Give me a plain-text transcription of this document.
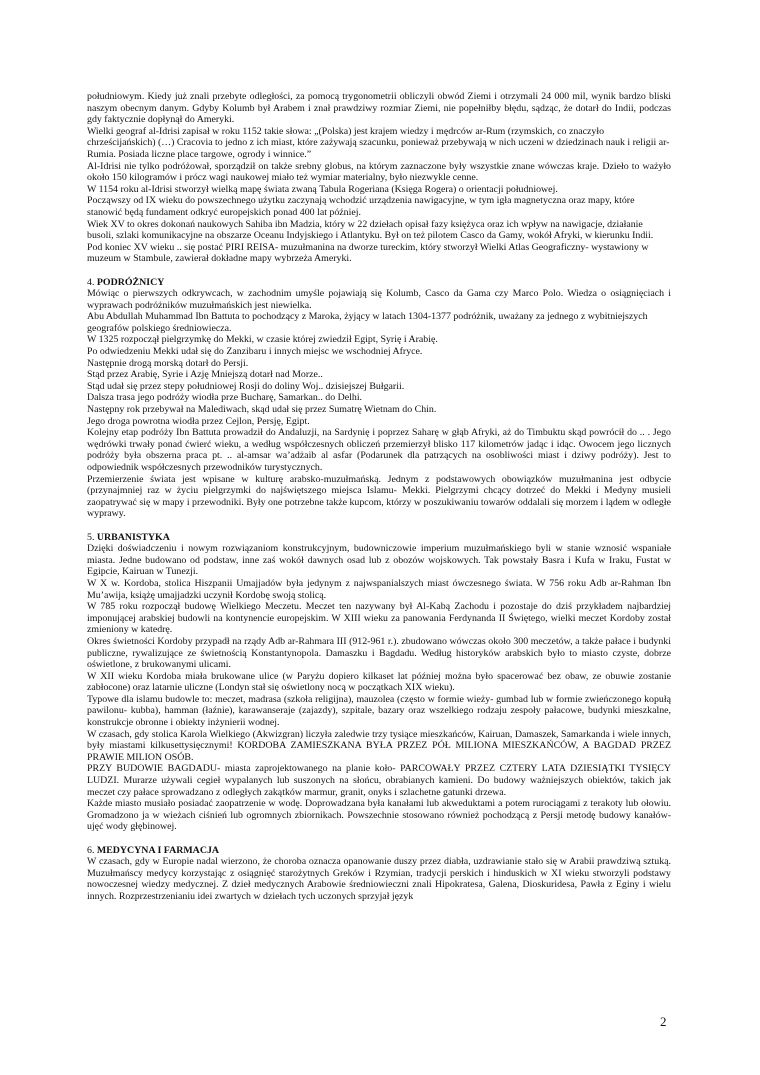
południowym. Kiedy już znali przebyte odległości, za pomocą trygonometrii obliczyli obwód Ziemi i otrzymali 24 000 mil, wynik bardzo bliski naszym obecnym danym. Gdyby Kolumb był Arabem i znał prawdziwy rozmiar Ziemi, nie popełniłby błędu, sądząc, że dotarł do Indii, podczas gdy faktycznie dopłynął do Ameryki.

Wielki geograf al-Idrisi zapisał w roku 1152 takie słowa: „(Polska) jest krajem wiedzy i mędrców ar-Rum (rzymskich, co znaczyło chrześcijańskich) (…) Cracovia to jedno z ich miast, które zażywają szacunku, ponieważ przebywają w nich uczeni w dziedzinach nauk i religii ar-Rumia. Posiada liczne place targowe, ogrody i winnice.”

Al-Idrisi nie tylko podróżował, sporządził on także srebny globus, na którym zaznaczone były wszystkie znane wówczas kraje. Dzieło to ważyło około 150 kilogramów i prócz wagi naukowej miało też wymiar materialny, było niezwykle cenne.

W 1154 roku al-Idrisi stworzył wielką mapę świata zwaną Tabula Rogeriana (Księga Rogera) o orientacji południowej.

Począwszy od IX wieku do powszechnego użytku zaczynają wchodzić urządzenia nawigacyjne, w tym igła magnetyczna oraz mapy, które stanowić będą fundament odkryć europejskich ponad 400 lat później.

Wiek XV to okres dokonań naukowych Sahiba ibn Madzia, który w 22 dziełach opisał fazy księżyca oraz ich wpływ na nawigacje, działanie busoli, szlaki komunikacyjne na obszarze Oceanu Indyjskiego i Atlantyku. Był on też pilotem Casco da Gamy, wokół Afryki, w kierunku Indii.

Pod koniec XV wieku .. się postać PIRI REISA- muzułmanina na dworze tureckim, który stworzył Wielki Atlas Geograficzny- wystawiony w muzeum w Stambule, zawierał dokładne mapy wybrzeża Ameryki.

4. PODRÓŻNICY

Mówiąc o pierwszych odkrywcach, w zachodnim umyśle pojawiają się Kolumb, Casco da Gama czy Marco Polo. Wiedza o osiągnięciach i wyprawach podróżników muzułmańskich jest niewielka.

Abu Abdullah Muhammad Ibn Battuta to pochodzący z Maroka, żyjący w latach 1304-1377 podróżnik, uważany za jednego z wybitniejszych geografów polskiego średniowiecza.

W 1325 rozpoczął pielgrzymkę do Mekki, w czasie której zwiedził Egipt, Syrię i Arabię.

Po odwiedzeniu Mekki udał się do Zanzibaru i innych miejsc we wschodniej Afryce.

Następnie drogą morską dotarł do Persji.

Stąd przez Arabię, Syrie i Azję Mniejszą dotarł nad Morze..

Stąd udał się przez stepy południowej Rosji do doliny Woj.. dzisiejszej Bułgarii.

Dalsza trasa jego podróży wiodła prze Bucharę, Samarkan.. do Delhi.

Następny rok przebywał na Malediwach, skąd udał się przez Sumatrę Wietnam do Chin.

Jego droga powrotna wiodła przez Cejlon, Persję, Egipt.

Kolejny etap podróży Ibn Battuta prowadził do Andaluzji, na Sardynię i poprzez Saharę w głąb Afryki, aż do Timbuktu skąd powrócił do .. . Jego wędrówki trwały ponad ćwierć wieku, a według współczesnych obliczeń przemierzył blisko 117 kilometrów jadąc i idąc. Owocem jego licznych podróży była obszerna praca pt. .. al-amsar wa’adżaib al asfar (Podarunek dla patrzących na osobliwości miast i dziwy podróży). Jest to odpowiednik współczesnych przewodników turystycznych.

Przemierzenie świata jest wpisane w kulturę arabsko-muzułmańską. Jednym z podstawowych obowiązków muzułmanina jest odbycie (przynajmniej raz w życiu pielgrzymki do najświętszego miejsca Islamu- Mekki. Pielgrzymi chcący dotrzeć do Mekki i Medyny musieli zaopatrywać się w mapy i przewodniki. Były one potrzebne także kupcom, którzy w poszukiwaniu towarów oddalali się morzem i lądem w odległe wyprawy.

5. URBANISTYKA

Dzięki doświadczeniu i nowym rozwiązaniom konstrukcyjnym, budowniczowie imperium muzułmańskiego byli w stanie wznosić wspaniałe miasta. Jedne budowano od podstaw, inne zaś wokół dawnych osad lub z obozów wojskowych. Tak powstały Basra i Kufa w Iraku, Fustat w Egipcie, Kairuan w Tunezji.

W X w. Kordoba, stolica Hiszpanii Umajjadów była jedynym z najwspanialszych miast ówczesnego świata. W 756 roku Adb ar-Rahman Ibn Mu’awija, książę umajjadzki uczynił Kordobę swoją stolicą.

W 785 roku rozpoczął budowę Wielkiego Meczetu. Meczet ten nazywany był Al-Kabą Zachodu i pozostaje do dziś przykładem najbardziej imponującej arabskiej budowli na kontynencie europejskim. W XIII wieku za panowania Ferdynanda II Świętego, wielki meczet Kordoby został zmieniony w katedrę.

Okres świetności Kordoby przypadł na rządy Adb ar-Rahmara III (912-961 r.). zbudowano wówczas około 300 meczetów, a także pałace i budynki publiczne, rywalizujące ze świetnością Konstantynopola. Damaszku i Bagdadu. Według historyków arabskich było to miasto czyste, dobrze oświetlone, z brukowanymi ulicami.

W XII wieku Kordoba miała brukowane ulice (w Paryżu dopiero kilkaset lat później można było spacerować bez obaw, ze obuwie zostanie zabłocone) oraz latarnie uliczne (Londyn stał się oświetlony nocą w początkach XIX wieku).

Typowe dla islamu budowle to: meczet, madrasa (szkoła religijna), mauzolea (często w formie wieży- gumbad lub w formie zwieńczonego kopułą pawilonu- kubba), hamman (łaźnie), karawanseraje (zajazdy), szpitale, bazary oraz wszelkiego rodzaju zespoły pałacowe, budynki mieszkalne, konstrukcje obronne i obiekty inżynierii wodnej.

W czasach, gdy stolica Karola Wielkiego (Akwizgran) liczyła zaledwie trzy tysiące mieszkańców, Kairuan, Damaszek, Samarkanda i wiele innych, były miastami kilkusettysięcznymi! KORDOBA ZAMIESZKANA BYŁA PRZEZ PÓŁ MILIONA MIESZKAŃCÓW, A BAGDAD PRZEZ PRAWIE MILION OSÓB.

PRZY BUDOWIE BAGDADU- miasta zaprojektowanego na planie koło- PARCOWAŁY PRZEZ CZTERY LATA DZIESIĄTKI TYSIĘCY LUDZI. Murarze używali cegieł wypalanych lub suszonych na słońcu, obrabianych kamieni. Do budowy ważniejszych obiektów, takich jak meczet czy pałace sprowadzano z odległych zakątków marmur, granit, onyks i szlachetne gatunki drzewa.

Każde miasto musiało posiadać zaopatrzenie w wodę. Doprowadzana była kanałami lub akweduktami a potem rurociągami z terakoty lub ołowiu. Gromadzono ja w wieżach ciśnień lub ogromnych zbiornikach. Powszechnie stosowano również pochodzącą z Persji metodę budowy kanałów- ujęć wody głębinowej.

6. MEDYCYNA I FARMACJA

W czasach, gdy w Europie nadal wierzono, że choroba oznacza opanowanie duszy przez diabła, uzdrawianie stało się w Arabii prawdziwą sztuką. Muzułmańscy medycy korzystając z osiągnięć starożytnych Greków i Rzymian, tradycji perskich i hinduskich w XI wieku stworzyli podstawy nowoczesnej wiedzy medycznej. Z dzieł medycznych Arabowie średniowieczni znali Hipokratesa, Galena, Dioskuridesa, Pawła z Eginy i wielu innych. Rozprzestrzenianiu idei zwartych w dziełach tych uczonych sprzyjał język

2
